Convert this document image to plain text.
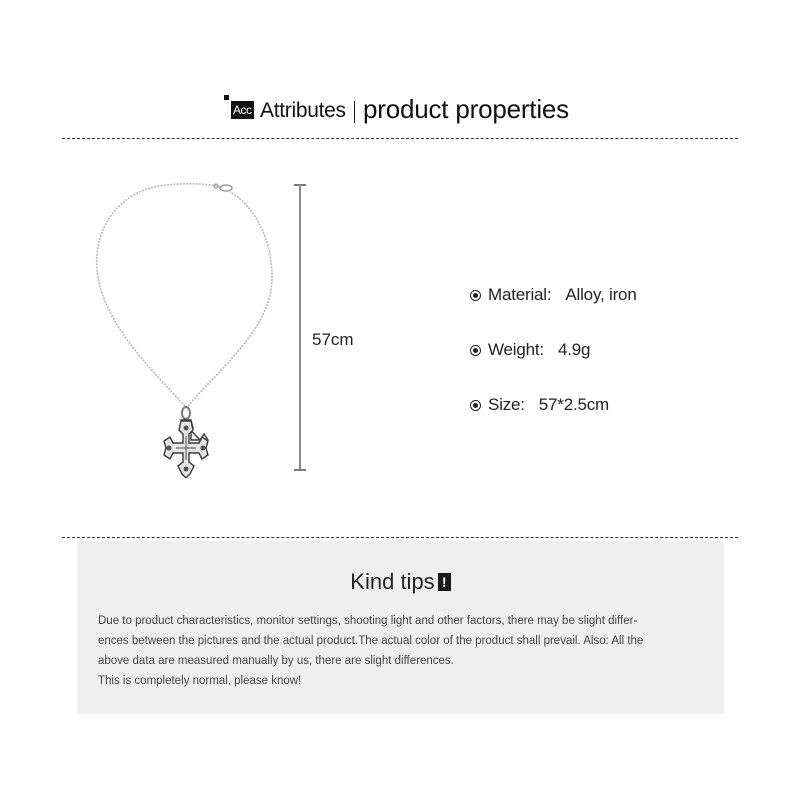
Acc Attributes product properties
57cm
Material: Alloy, iron
Weight: 4.9g
Size: 57*2.5cm
Kind tips !
Due to product characteristics, monitor settings, shooting light and other factors, there may be slight differ-
ences between the pictures and the actual product.The actual color of the product shall prevail. Also: All the
above data are measured manually by us, there are slight differences.
This is completely normal, please know!
